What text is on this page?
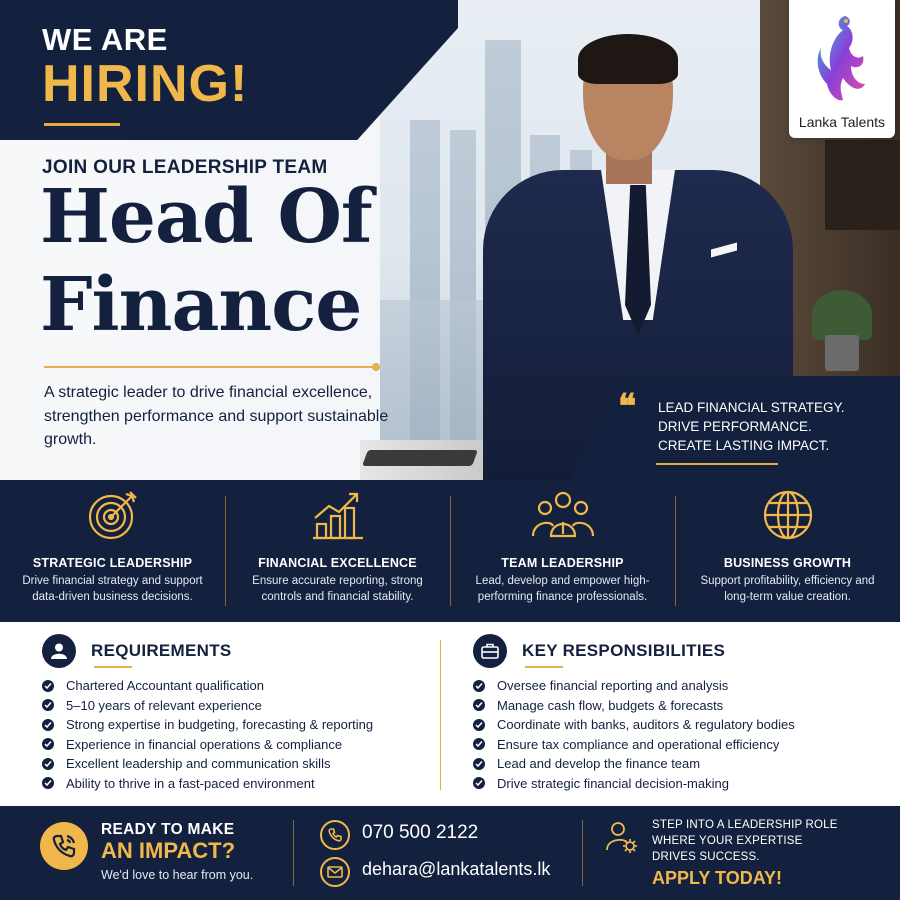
WE ARE
HIRING!
Lanka Talents
JOIN OUR LEADERSHIP TEAM
Head Of
Finance
A strategic leader to drive financial excellence, strengthen performance and support sustainable growth.
❝ LEAD FINANCIAL STRATEGY.
DRIVE PERFORMANCE.
CREATE LASTING IMPACT.
STRATEGIC LEADERSHIP
Drive financial strategy and support data-driven business decisions.
FINANCIAL EXCELLENCE
Ensure accurate reporting, strong controls and financial stability.
TEAM LEADERSHIP
Lead, develop and empower high-performing finance professionals.
BUSINESS GROWTH
Support profitability, efficiency and long-term value creation.
REQUIREMENTS
Chartered Accountant qualification
5–10 years of relevant experience
Strong expertise in budgeting, forecasting & reporting
Experience in financial operations & compliance
Excellent leadership and communication skills
Ability to thrive in a fast-paced environment
KEY RESPONSIBILITIES
Oversee financial reporting and analysis
Manage cash flow, budgets & forecasts
Coordinate with banks, auditors & regulatory bodies
Ensure tax compliance and operational efficiency
Lead and develop the finance team
Drive strategic financial decision-making
READY TO MAKE
AN IMPACT?
We'd love to hear from you.
070 500 2122
dehara@lankatalents.lk
STEP INTO A LEADERSHIP ROLE
WHERE YOUR EXPERTISE
DRIVES SUCCESS.
APPLY TODAY!
